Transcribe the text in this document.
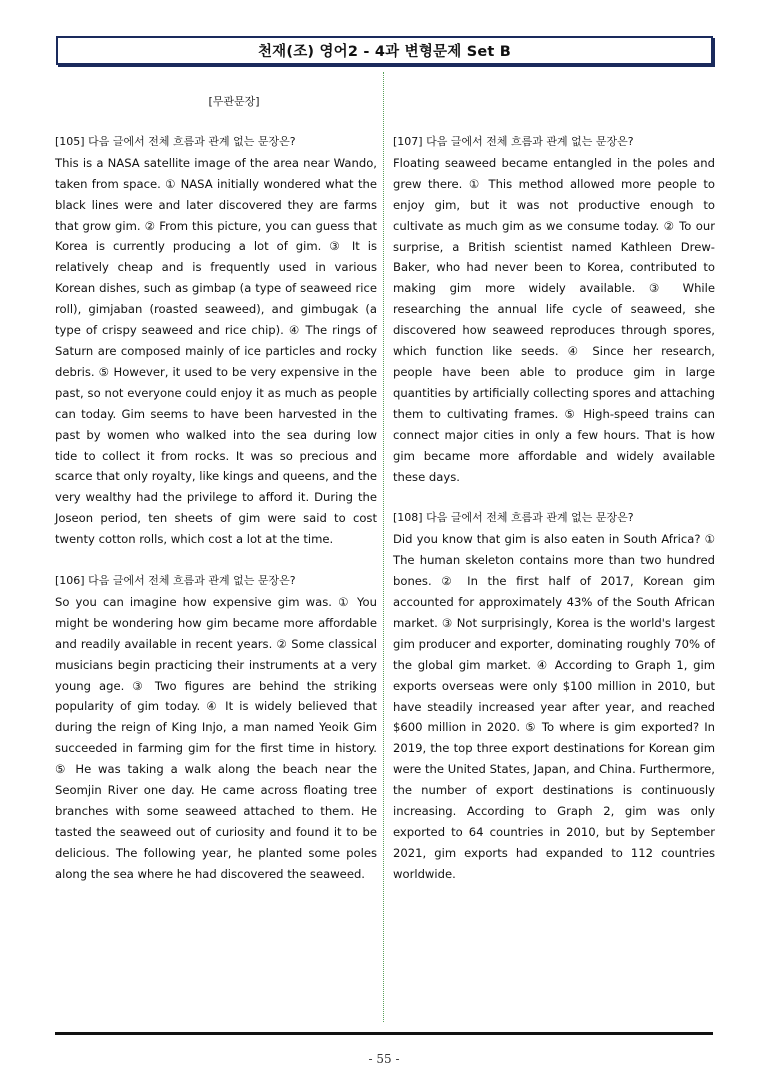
천재(조) 영어2 - 4과 변형문제 Set B
[무관문장]
[105] 다음 글에서 전체 흐름과 관계 없는 문장은?

This is a NASA satellite image of the area near Wando, taken from space. ① NASA initially wondered what the black lines were and later discovered they are farms that grow gim. ② From this picture, you can guess that Korea is currently producing a lot of gim. ③ It is relatively cheap and is frequently used in various Korean dishes, such as gimbap (a type of seaweed rice roll), gimjaban (roasted seaweed), and gimbugak (a type of crispy seaweed and rice chip). ④ The rings of Saturn are composed mainly of ice particles and rocky debris. ⑤ However, it used to be very expensive in the past, so not everyone could enjoy it as much as people can today. Gim seems to have been harvested in the past by women who walked into the sea during low tide to collect it from rocks. It was so precious and scarce that only royalty, like kings and queens, and the very wealthy had the privilege to afford it. During the Joseon period, ten sheets of gim were said to cost twenty cotton rolls, which cost a lot at the time.

[106] 다음 글에서 전체 흐름과 관계 없는 문장은?

So you can imagine how expensive gim was. ① You might be wondering how gim became more affordable and readily available in recent years. ② Some classical musicians begin practicing their instruments at a very young age. ③ Two figures are behind the striking popularity of gim today. ④ It is widely believed that during the reign of King Injo, a man named Yeoik Gim succeeded in farming gim for the first time in history. ⑤ He was taking a walk along the beach near the Seomjin River one day. He came across floating tree branches with some seaweed attached to them. He tasted the seaweed out of curiosity and found it to be delicious. The following year, he planted some poles along the sea where he had discovered the seaweed.

[107] 다음 글에서 전체 흐름과 관계 없는 문장은?

Floating seaweed became entangled in the poles and grew there. ① This method allowed more people to enjoy gim, but it was not productive enough to cultivate as much gim as we consume today. ② To our surprise, a British scientist named Kathleen Drew-Baker, who had never been to Korea, contributed to making gim more widely available. ③ While researching the annual life cycle of seaweed, she discovered how seaweed reproduces through spores, which function like seeds. ④ Since her research, people have been able to produce gim in large quantities by artificially collecting spores and attaching them to cultivating frames. ⑤ High-speed trains can connect major cities in only a few hours. That is how gim became more affordable and widely available these days.

[108] 다음 글에서 전체 흐름과 관계 없는 문장은?

Did you know that gim is also eaten in South Africa? ① The human skeleton contains more than two hundred bones. ② In the first half of 2017, Korean gim accounted for approximately 43% of the South African market. ③ Not surprisingly, Korea is the world's largest gim producer and exporter, dominating roughly 70% of the global gim market. ④ According to Graph 1, gim exports overseas were only $100 million in 2010, but have steadily increased year after year, and reached $600 million in 2020. ⑤ To where is gim exported? In 2019, the top three export destinations for Korean gim were the United States, Japan, and China. Furthermore, the number of export destinations is continuously increasing. According to Graph 2, gim was only exported to 64 countries in 2010, but by September 2021, gim exports had expanded to 112 countries worldwide.

- 55 -
